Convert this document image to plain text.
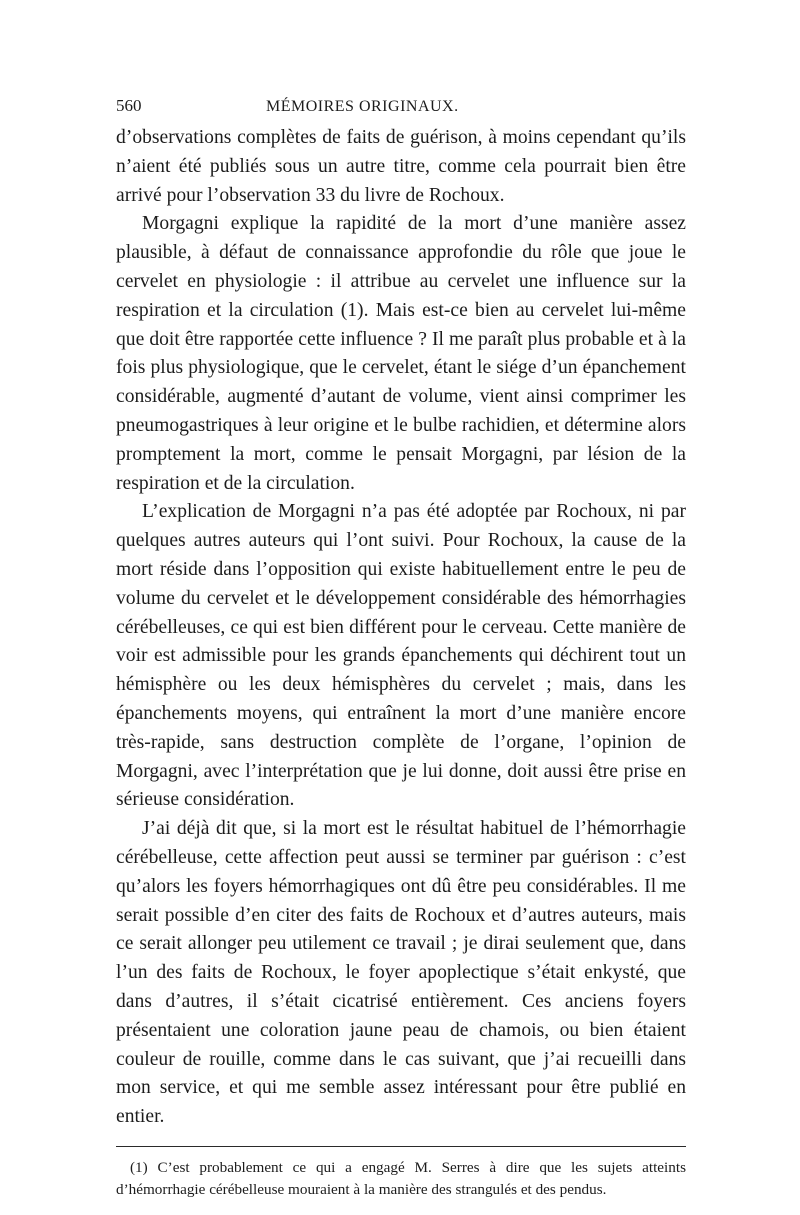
560	MÉMOIRES ORIGINAUX.

d’observations complètes de faits de guérison, à moins cependant qu’ils n’aient été publiés sous un autre titre, comme cela pourrait bien être arrivé pour l’observation 33 du livre de Rochoux.

Morgagni explique la rapidité de la mort d’une manière assez plausible, à défaut de connaissance approfondie du rôle que joue le cervelet en physiologie : il attribue au cervelet une influence sur la respiration et la circulation (1). Mais est-ce bien au cervelet lui-même que doit être rapportée cette influence ? Il me paraît plus probable et à la fois plus physiologique, que le cervelet, étant le siége d’un épanchement considérable, augmenté d’autant de volume, vient ainsi comprimer les pneumogastriques à leur origine et le bulbe rachidien, et détermine alors promptement la mort, comme le pensait Morgagni, par lésion de la respiration et de la circulation.

L’explication de Morgagni n’a pas été adoptée par Rochoux, ni par quelques autres auteurs qui l’ont suivi. Pour Rochoux, la cause de la mort réside dans l’opposition qui existe habituellement entre le peu de volume du cervelet et le développement considérable des hémorrhagies cérébelleuses, ce qui est bien différent pour le cerveau. Cette manière de voir est admissible pour les grands épanchements qui déchirent tout un hémisphère ou les deux hémisphères du cervelet ; mais, dans les épanchements moyens, qui entraînent la mort d’une manière encore très-rapide, sans destruction complète de l’organe, l’opinion de Morgagni, avec l’interprétation que je lui donne, doit aussi être prise en sérieuse considération.

J’ai déjà dit que, si la mort est le résultat habituel de l’hémorrhagie cérébelleuse, cette affection peut aussi se terminer par guérison : c’est qu’alors les foyers hémorrhagiques ont dû être peu considérables. Il me serait possible d’en citer des faits de Rochoux et d’autres auteurs, mais ce serait allonger peu utilement ce travail ; je dirai seulement que, dans l’un des faits de Rochoux, le foyer apoplectique s’était enkysté, que dans d’autres, il s’était cicatrisé entièrement. Ces anciens foyers présentaient une coloration jaune peau de chamois, ou bien étaient couleur de rouille, comme dans le cas suivant, que j’ai recueilli dans mon service, et qui me semble assez intéressant pour être publié en entier.

(1) C’est probablement ce qui a engagé M. Serres à dire que les sujets atteints d’hémorrhagie cérébelleuse mouraient à la manière des strangulés et des pendus.
